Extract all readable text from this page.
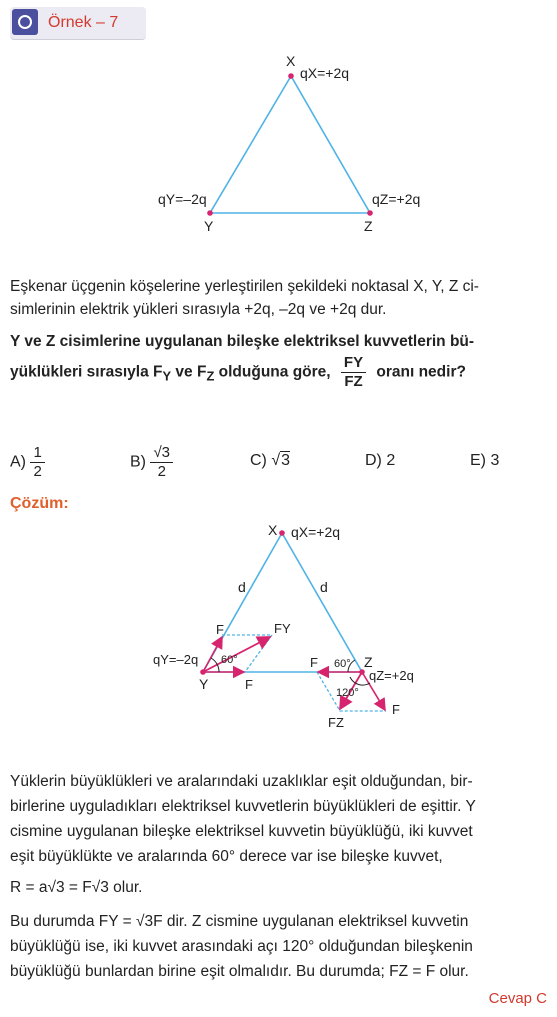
Örnek – 7
X
qX=+2q
qY=–2q
Y
qZ=+2q
Z
Eşkenar üçgenin köşelerine yerleştirilen şekildeki noktasal X, Y, Z ci-
simlerinin elektrik yükleri sırasıyla +2q, –2q ve +2q dur.
Y ve Z cisimlerine uygulanan bileşke elektriksel kuvvetlerin bü-
yüklükleri sırasıyla $F_Y$ ve $F_Z$ olduğuna göre, $\frac{FY}{FZ}$ oranı nedir?
$A) \frac{1}{2}$	$B) \frac{√3}{2}$	C) √3	D) 2	E) 3
Çözüm:
X qX=+2q
d	d
F	FY
qY=–2q 60°
Y	F
F 60° Z
qZ=+2q
120°
FZ
F
Yüklerin büyüklükleri ve aralarındaki uzaklıklar eşit olduğundan, bir-
birlerine uyguladıkları elektriksel kuvvetlerin büyüklükleri de eşittir. Y
cismine uygulanan bileşke elektriksel kuvvetin büyüklüğü, iki kuvvet
eşit büyüklükte ve aralarında 60° derece var ise bileşke kuvvet,
R = a√3 = F√3 olur.
Bu durumda FY = √3F dir. Z cismine uygulanan elektriksel kuvvetin
büyüklüğü ise, iki kuvvet arasındaki açı 120° olduğundan bileşkenin
büyüklüğü bunlardan birine eşit olmalıdır. Bu durumda; FZ = F olur.
Cevap C
